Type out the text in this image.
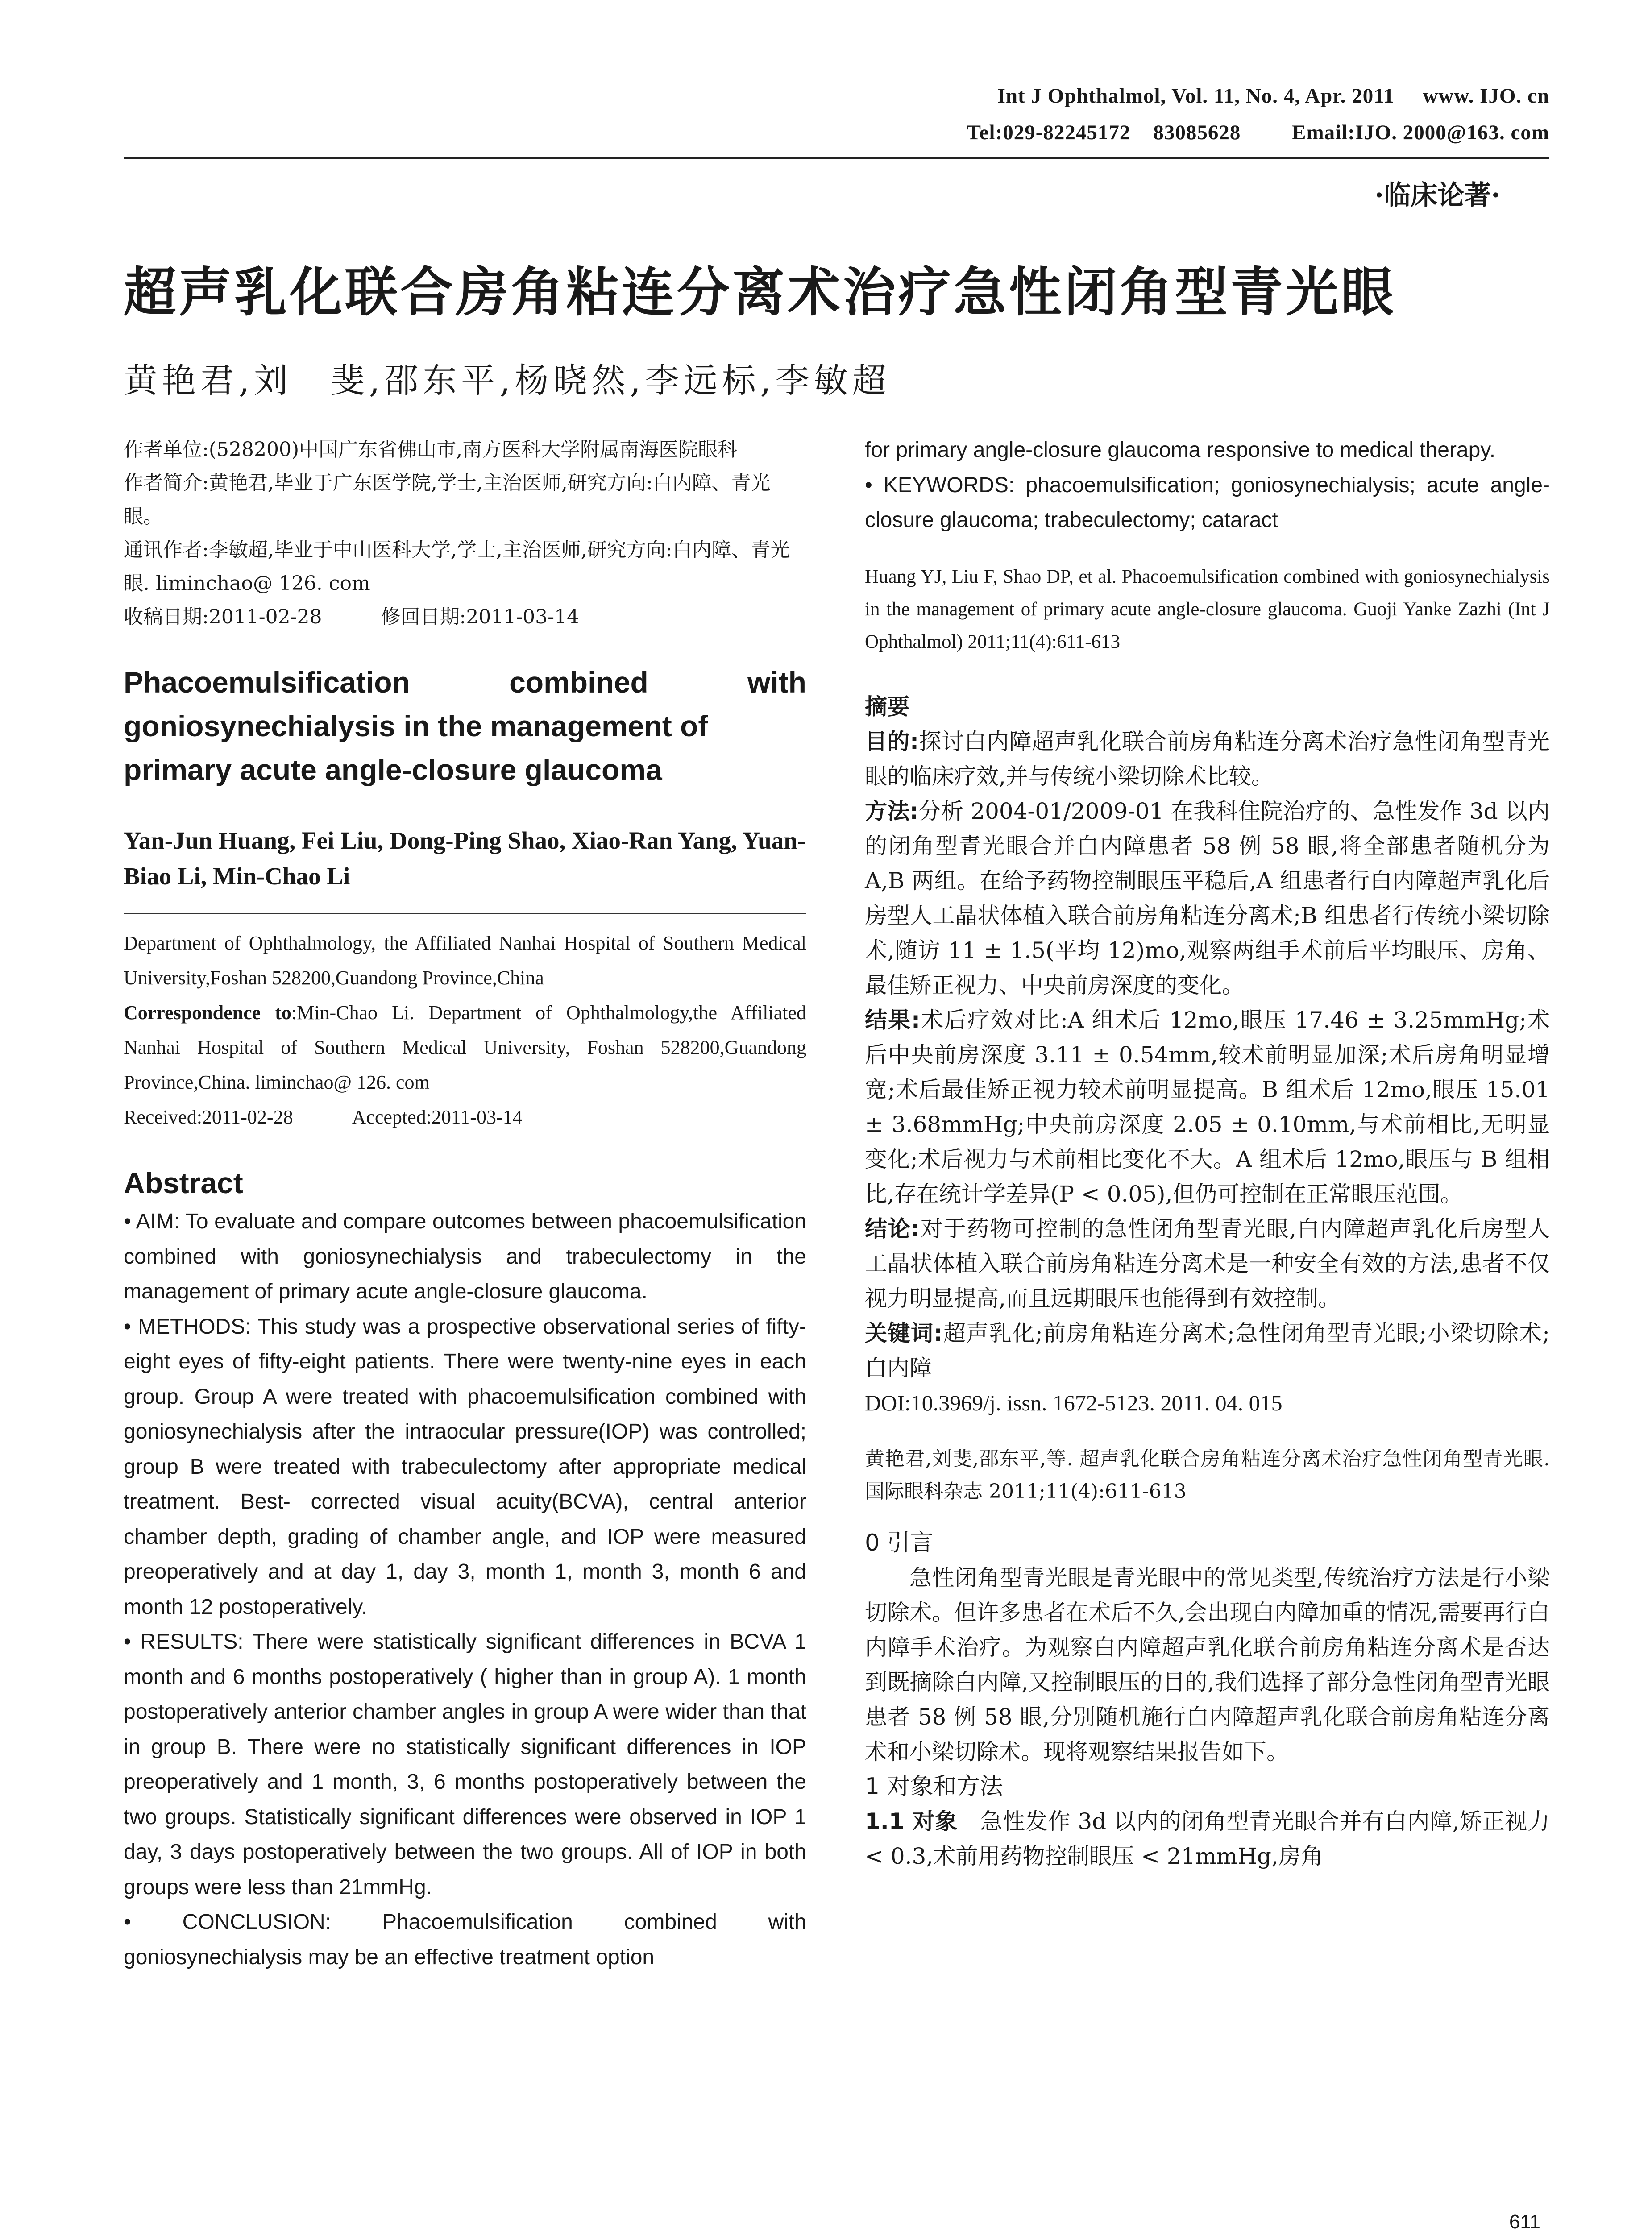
Int J Ophthalmol, Vol. 11, No. 4, Apr. 2011     www. IJO. cn
Tel:029-82245172    83085628         Email:IJO. 2000@163. com
·临床论著·
超声乳化联合房角粘连分离术治疗急性闭角型青光眼
黄艳君,刘　斐,邵东平,杨晓然,李远标,李敏超
作者单位:(528200)中国广东省佛山市,南方医科大学附属南海医院眼科
作者简介:黄艳君,毕业于广东医学院,学士,主治医师,研究方向:白内障、青光眼。
通讯作者:李敏超,毕业于中山医科大学,学士,主治医师,研究方向:白内障、青光眼. liminchao@ 126. com
收稿日期:2011-02-28　　　修回日期:2011-03-14
Phacoemulsification combined with
goniosynechialysis in the management of
primary acute angle-closure glaucoma
Yan-Jun Huang, Fei Liu, Dong-Ping Shao, Xiao-Ran Yang, Yuan-Biao Li, Min-Chao Li
Department of Ophthalmology, the Affiliated Nanhai Hospital of Southern Medical University,Foshan 528200,Guandong Province,China
Correspondence to:Min-Chao Li. Department of Ophthalmology,the Affiliated Nanhai Hospital of Southern Medical University, Foshan 528200,Guandong Province,China. liminchao@ 126. com
Received:2011-02-28　　　Accepted:2011-03-14
Abstract
• AIM: To evaluate and compare outcomes between phacoemulsification combined with goniosynechialysis and trabeculectomy in the management of primary acute angle-closure glaucoma.
• METHODS: This study was a prospective observational series of fifty-eight eyes of fifty-eight patients. There were twenty-nine eyes in each group. Group A were treated with phacoemulsification combined with goniosynechialysis after the intraocular pressure(IOP) was controlled; group B were treated with trabeculectomy after appropriate medical treatment. Best- corrected visual acuity(BCVA), central anterior chamber depth, grading of chamber angle, and IOP were measured preoperatively and at day 1, day 3, month 1, month 3, month 6 and month 12 postoperatively.
• RESULTS: There were statistically significant differences in BCVA 1 month and 6 months postoperatively ( higher than in group A). 1 month postoperatively anterior chamber angles in group A were wider than that in group B. There were no statistically significant differences in IOP preoperatively and 1 month, 3, 6 months postoperatively between the two groups. Statistically significant differences were observed in IOP 1 day, 3 days postoperatively between the two groups. All of IOP in both groups were less than 21mmHg.
• CONCLUSION: Phacoemulsification combined with goniosynechialysis may be an effective treatment option
for primary angle-closure glaucoma responsive to medical therapy.
• KEYWORDS: phacoemulsification; goniosynechialysis; acute angle-closure glaucoma; trabeculectomy; cataract
Huang YJ, Liu F, Shao DP, et al. Phacoemulsification combined with goniosynechialysis in the management of primary acute angle-closure glaucoma. Guoji Yanke Zazhi (Int J Ophthalmol) 2011;11(4):611-613
摘要
目的:探讨白内障超声乳化联合前房角粘连分离术治疗急性闭角型青光眼的临床疗效,并与传统小梁切除术比较。
方法:分析 2004-01/2009-01 在我科住院治疗的、急性发作 3d 以内的闭角型青光眼合并白内障患者 58 例 58 眼,将全部患者随机分为 A,B 两组。在给予药物控制眼压平稳后,A 组患者行白内障超声乳化后房型人工晶状体植入联合前房角粘连分离术;B 组患者行传统小梁切除术,随访 11 ± 1.5(平均 12)mo,观察两组手术前后平均眼压、房角、最佳矫正视力、中央前房深度的变化。
结果:术后疗效对比:A 组术后 12mo,眼压 17.46 ± 3.25mmHg;术后中央前房深度 3.11 ± 0.54mm,较术前明显加深;术后房角明显增宽;术后最佳矫正视力较术前明显提高。B 组术后 12mo,眼压 15.01 ± 3.68mmHg;中央前房深度 2.05 ± 0.10mm,与术前相比,无明显变化;术后视力与术前相比变化不大。A 组术后 12mo,眼压与 B 组相比,存在统计学差异(P < 0.05),但仍可控制在正常眼压范围。
结论:对于药物可控制的急性闭角型青光眼,白内障超声乳化后房型人工晶状体植入联合前房角粘连分离术是一种安全有效的方法,患者不仅视力明显提高,而且远期眼压也能得到有效控制。
关键词:超声乳化;前房角粘连分离术;急性闭角型青光眼;小梁切除术;白内障
DOI:10.3969/j. issn. 1672-5123. 2011. 04. 015
黄艳君,刘斐,邵东平,等. 超声乳化联合房角粘连分离术治疗急性闭角型青光眼. 国际眼科杂志 2011;11(4):611-613
0 引言
急性闭角型青光眼是青光眼中的常见类型,传统治疗方法是行小梁切除术。但许多患者在术后不久,会出现白内障加重的情况,需要再行白内障手术治疗。为观察白内障超声乳化联合前房角粘连分离术是否达到既摘除白内障,又控制眼压的目的,我们选择了部分急性闭角型青光眼患者 58 例 58 眼,分别随机施行白内障超声乳化联合前房角粘连分离术和小梁切除术。现将观察结果报告如下。
1 对象和方法
1.1 对象　 急性发作 3d 以内的闭角型青光眼合并有白内障,矫正视力 < 0.3,术前用药物控制眼压 < 21mmHg,房角
611
